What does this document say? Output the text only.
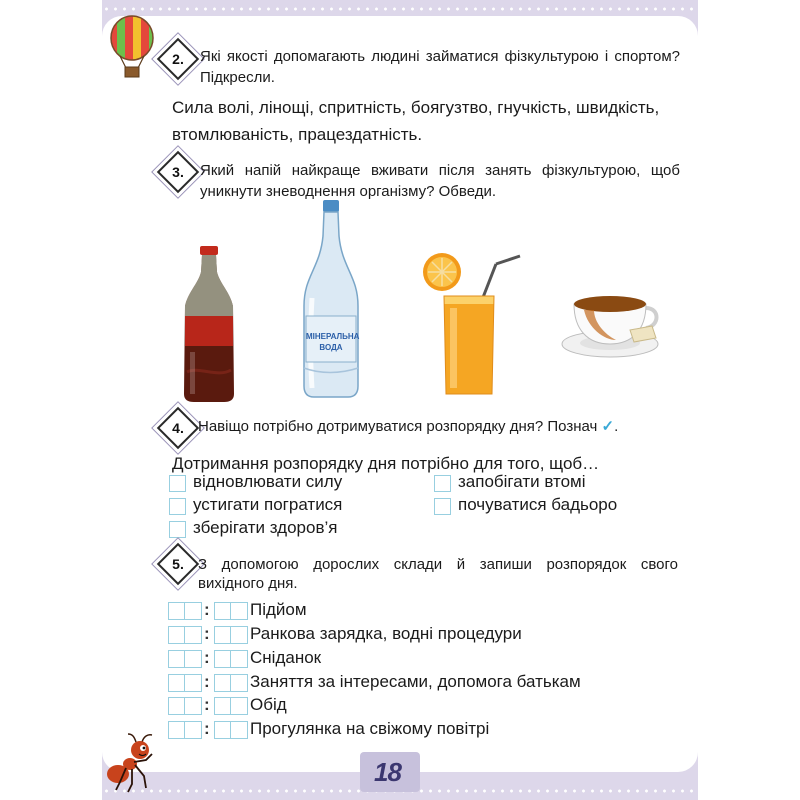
2.	Які якості допомагають людині займатися фізкультурою і спортом? Підкресли.
Сила волі, лінощі, спритність, боягузтво, гнучкість, швидкість,
втомлюваність, працездатність.
3.	Який напій найкраще вживати після занять фізкультурою, щоб уникнути зневоднення організму? Обведи.
МІНЕРАЛЬНА
ВОДА
4. Навіщо потрібно дотримуватися розпорядку дня? Познач ✓.
Дотримання розпорядку дня потрібно для того, щоб…
відновлювати силу
устигати погратися
зберігати здоров’я
запобігати втомі
почуватися бадьоро
5. З допомогою дорослих склади й запиши розпорядок свого
вихідного дня.
: Підйом
: Ранкова зарядка, водні процедури
: Сніданок
: Заняття за інтересами, допомога батькам
: Обід
: Прогулянка на свіжому повітрі
18
